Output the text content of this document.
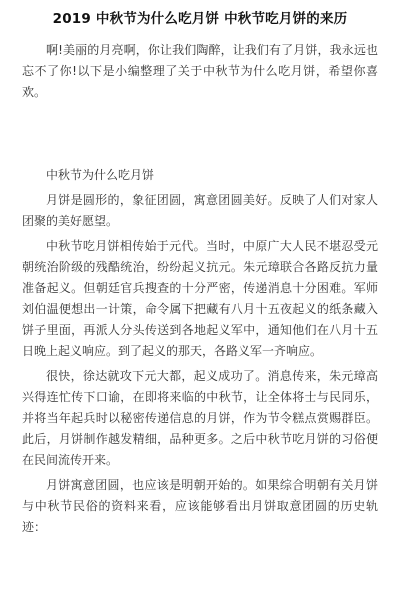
2019 中秋节为什么吃月饼 中秋节吃月饼的来历

啊!美丽的月亮啊，你让我们陶醉，让我们有了月饼，我永远也忘不了你!以下是小编整理了关于中秋节为什么吃月饼，希望你喜欢。

中秋节为什么吃月饼

月饼是圆形的，象征团圆，寓意团圆美好。反映了人们对家人团聚的美好愿望。

中秋节吃月饼相传始于元代。当时，中原广大人民不堪忍受元朝统治阶级的残酷统治，纷纷起义抗元。朱元璋联合各路反抗力量准备起义。但朝廷官兵搜查的十分严密，传递消息十分困难。军师刘伯温便想出一计策，命令属下把藏有八月十五夜起义的纸条藏入饼子里面，再派人分头传送到各地起义军中，通知他们在八月十五日晚上起义响应。到了起义的那天，各路义军一齐响应。

很快，徐达就攻下元大都，起义成功了。消息传来，朱元璋高兴得连忙传下口谕，在即将来临的中秋节，让全体将士与民同乐，并将当年起兵时以秘密传递信息的月饼，作为节令糕点赏赐群臣。此后，月饼制作越发精细，品种更多。之后中秋节吃月饼的习俗便在民间流传开来。

月饼寓意团圆，也应该是明朝开始的。如果综合明朝有关月饼与中秋节民俗的资料来看，应该能够看出月饼取意团圆的历史轨迹：
